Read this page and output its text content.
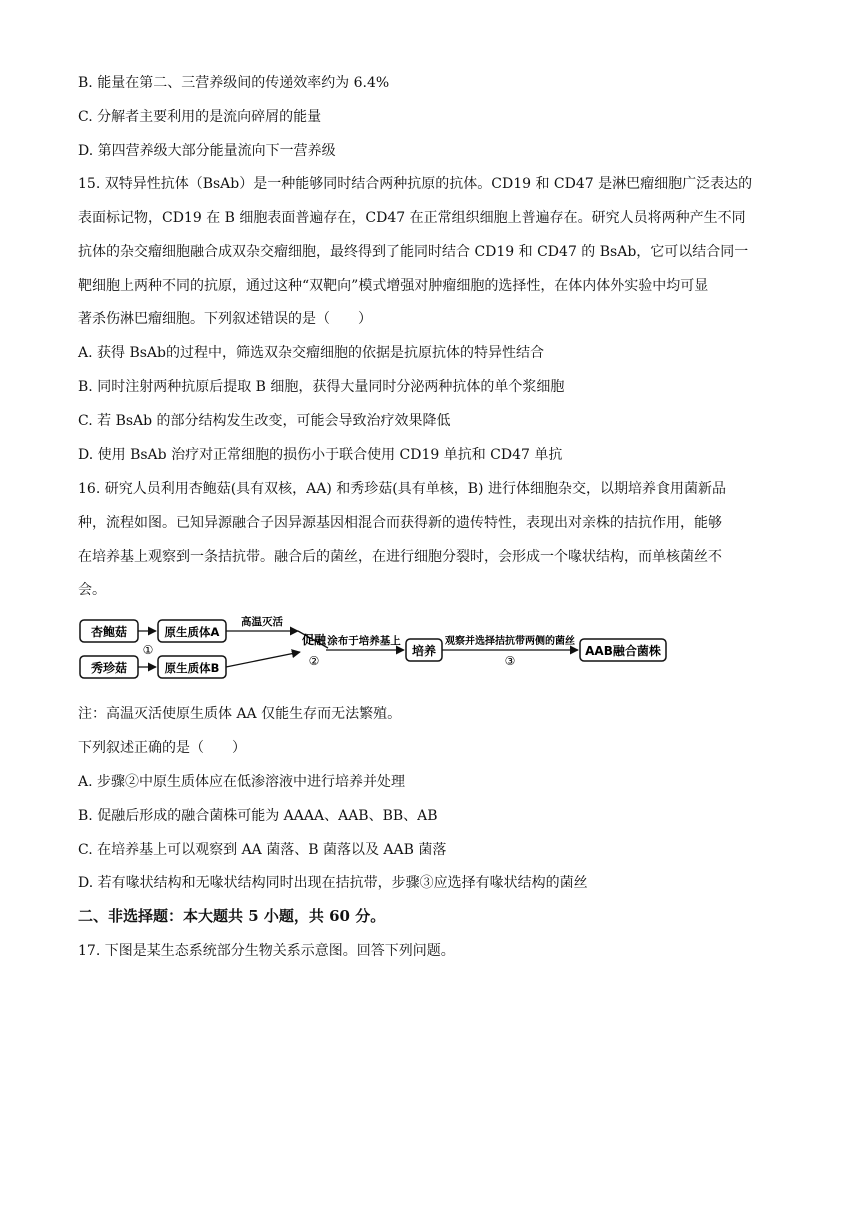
B. 能量在第二、三营养级间的传递效率约为 6.4%
C. 分解者主要利用的是流向碎屑的能量
D. 第四营养级大部分能量流向下一营养级
15. 双特异性抗体（BsAb）是一种能够同时结合两种抗原的抗体。CD19 和 CD47 是淋巴瘤细胞广泛表达的
表面标记物，CD19 在 B 细胞表面普遍存在，CD47 在正常组织细胞上普遍存在。研究人员将两种产生不同
抗体的杂交瘤细胞融合成双杂交瘤细胞，最终得到了能同时结合 CD19 和 CD47 的 BsAb，它可以结合同一
靶细胞上两种不同的抗原，通过这种“双靶向”模式增强对肿瘤细胞的选择性，在体内体外实验中均可显
著杀伤淋巴瘤细胞。下列叙述错误的是（　　）
A. 获得 BsAb的过程中，筛选双杂交瘤细胞的依据是抗原抗体的特异性结合
B. 同时注射两种抗原后提取 B 细胞，获得大量同时分泌两种抗体的单个浆细胞
C. 若 BsAb 的部分结构发生改变，可能会导致治疗效果降低
D. 使用 BsAb 治疗对正常细胞的损伤小于联合使用 CD19 单抗和 CD47 单抗
16. 研究人员利用杏鲍菇(具有双核，AA) 和秀珍菇(具有单核，B) 进行体细胞杂交，以期培养食用菌新品
种，流程如图。已知异源融合子因异源基因相混合而获得新的遗传特性，表现出对亲株的拮抗作用，能够
在培养基上观察到一条拮抗带。融合后的菌丝，在进行细胞分裂时，会形成一个喙状结构，而单核菌丝不
会。
杏鲍菇
秀珍菇
①
原生质体A
原生质体B
高温灭活
促融
②
涂布于培养基上
培养
观察并选择拮抗带两侧的菌丝
③
AAB融合菌株
注：高温灭活使原生质体 AA 仅能生存而无法繁殖。
下列叙述正确的是（　　）
A. 步骤②中原生质体应在低渗溶液中进行培养并处理
B. 促融后形成的融合菌株可能为 AAAA、AAB、BB、AB
C. 在培养基上可以观察到 AA 菌落、B 菌落以及 AAB 菌落
D. 若有喙状结构和无喙状结构同时出现在拮抗带，步骤③应选择有喙状结构的菌丝
二、非选择题：本大题共 5 小题，共 60 分。
17. 下图是某生态系统部分生物关系示意图。回答下列问题。
